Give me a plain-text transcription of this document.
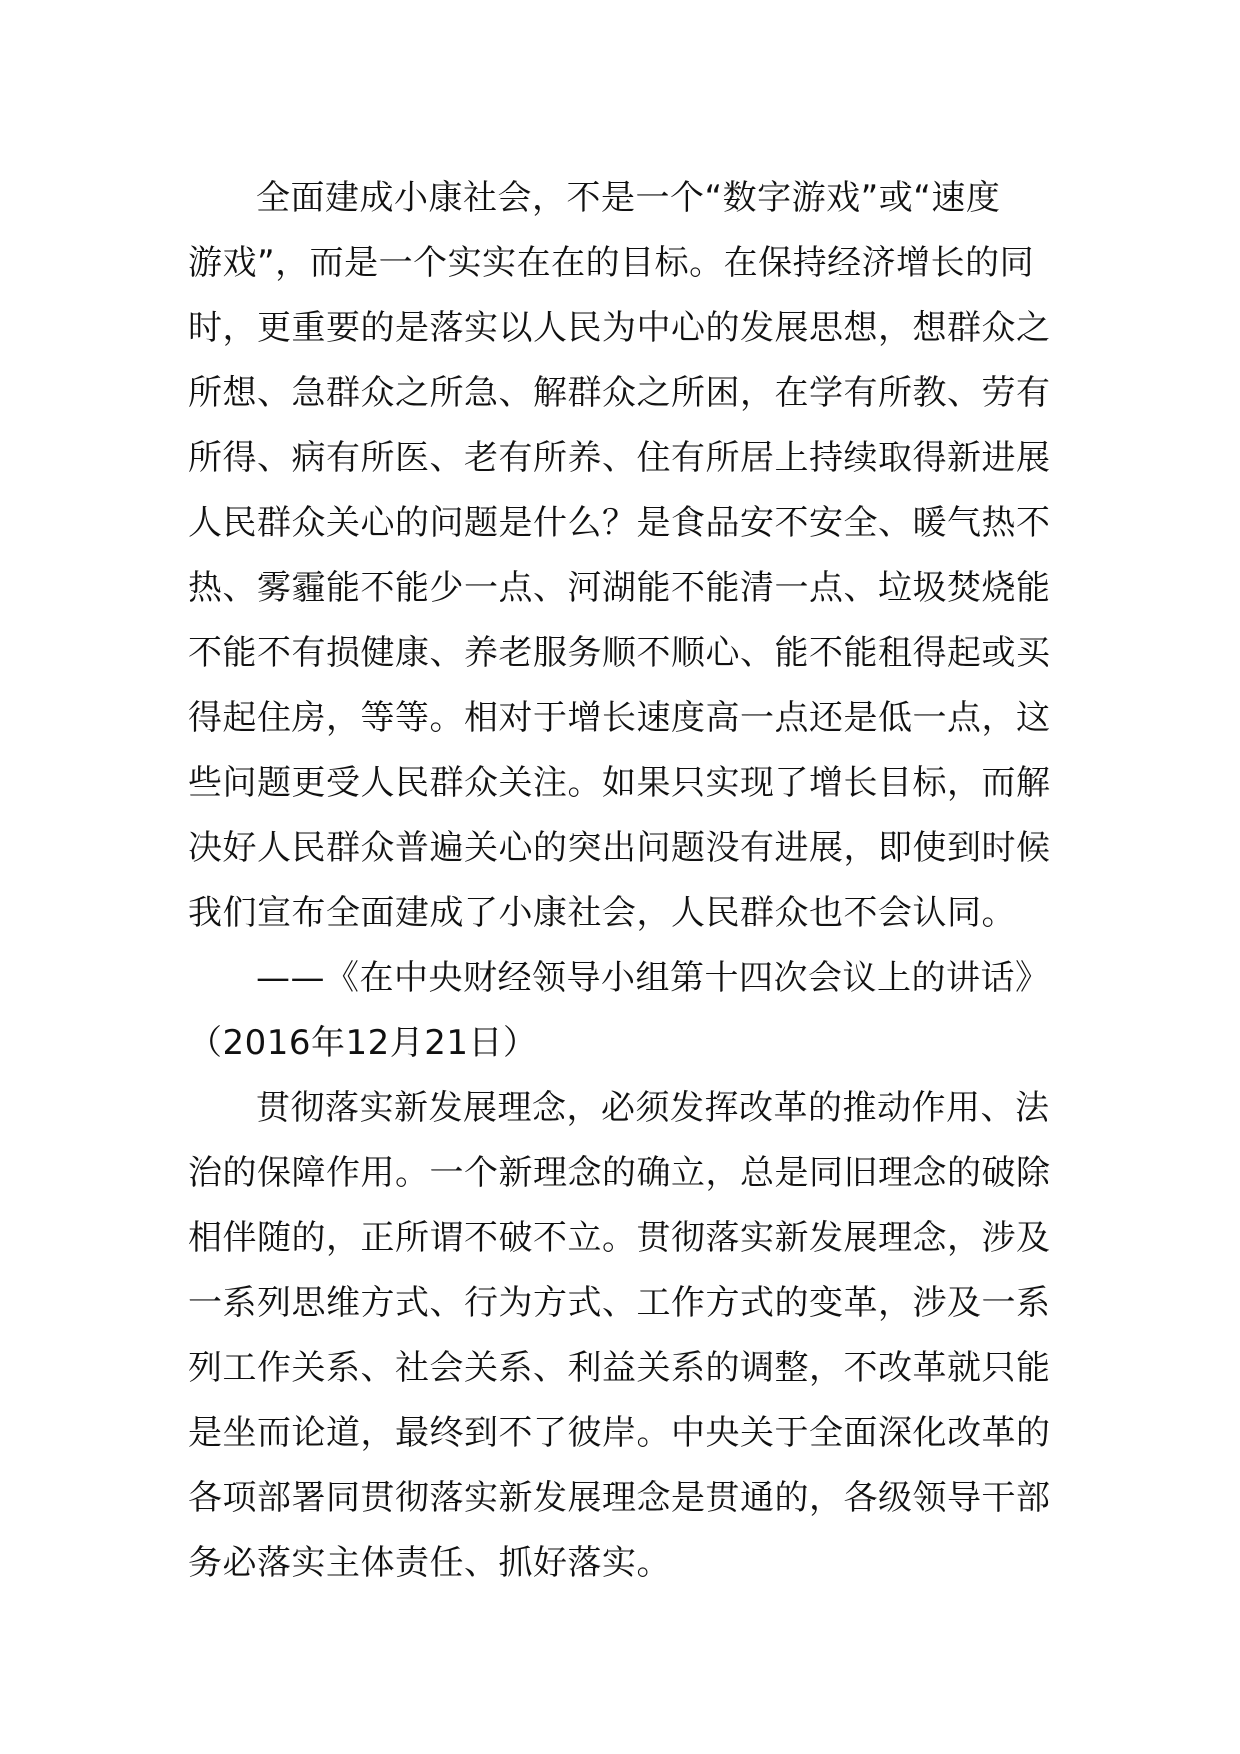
全面建成小康社会，不是一个“数字游戏”或“速度
游戏”，而是一个实实在在的目标。在保持经济增长的同
时，更重要的是落实以人民为中心的发展思想，想群众之
所想、急群众之所急、解群众之所困，在学有所教、劳有
所得、病有所医、老有所养、住有所居上持续取得新进展
人民群众关心的问题是什么？是食品安不安全、暖气热不
热、雾霾能不能少一点、河湖能不能清一点、垃圾焚烧能
不能不有损健康、养老服务顺不顺心、能不能租得起或买
得起住房，等等。相对于增长速度高一点还是低一点，这
些问题更受人民群众关注。如果只实现了增长目标，而解
决好人民群众普遍关心的突出问题没有进展，即使到时候
我们宣布全面建成了小康社会，人民群众也不会认同。
——《在中央财经领导小组第十四次会议上的讲话》
（2016年12月21日）
贯彻落实新发展理念，必须发挥改革的推动作用、法
治的保障作用。一个新理念的确立，总是同旧理念的破除
相伴随的，正所谓不破不立。贯彻落实新发展理念，涉及
一系列思维方式、行为方式、工作方式的变革，涉及一系
列工作关系、社会关系、利益关系的调整，不改革就只能
是坐而论道，最终到不了彼岸。中央关于全面深化改革的
各项部署同贯彻落实新发展理念是贯通的，各级领导干部
务必落实主体责任、抓好落实。
